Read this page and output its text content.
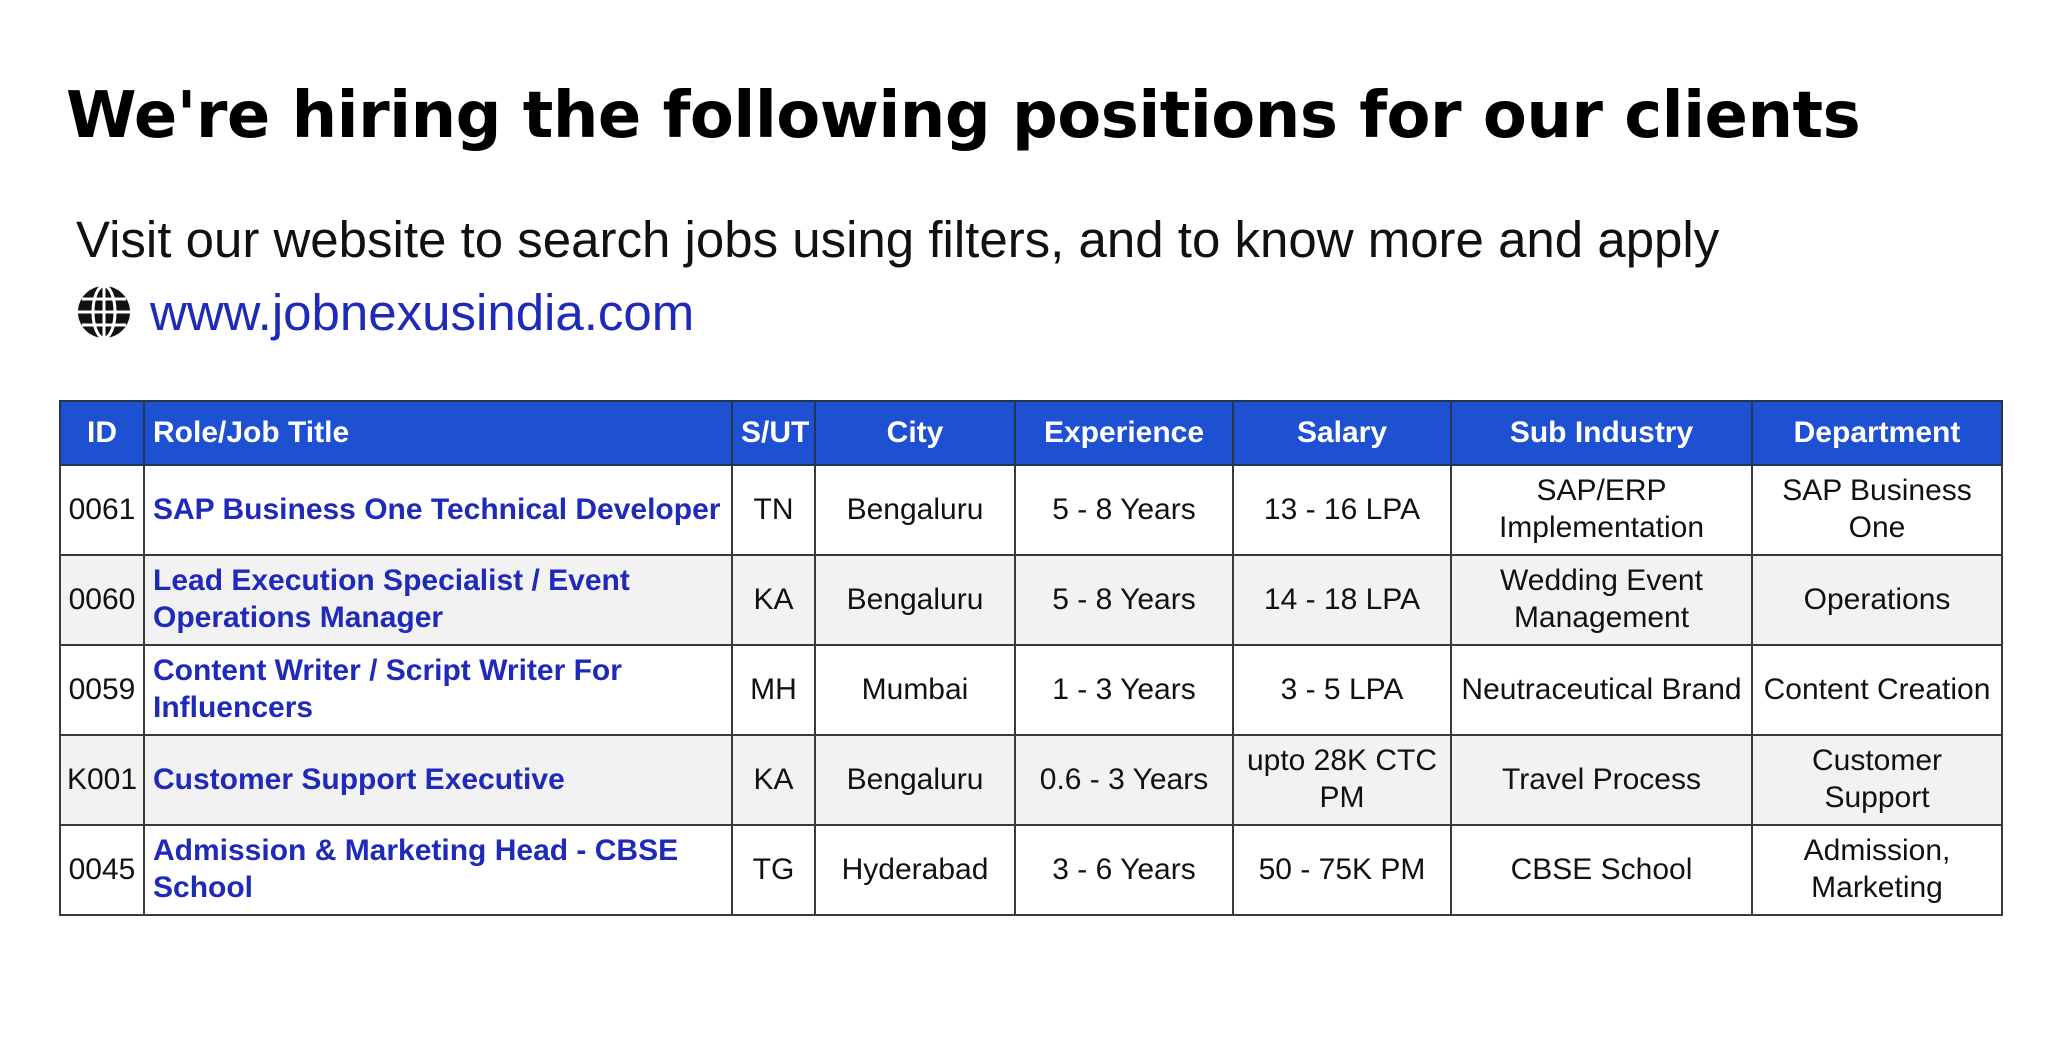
We're hiring the following positions for our clients

Visit our website to search jobs using filters, and to know more and apply

www.jobnexusindia.com
ID	Role/Job Title	S/UT	City	Experience	Salary	Sub Industry	Department
0061	SAP Business One Technical Developer	TN	Bengaluru	5 - 8 Years	13 - 16 LPA	SAP/ERP Implementation	SAP Business One
0060	Lead Execution Specialist / Event Operations Manager	KA	Bengaluru	5 - 8 Years	14 - 18 LPA	Wedding Event Management	Operations
0059	Content Writer / Script Writer For Influencers	MH	Mumbai	1 - 3 Years	3 - 5 LPA	Neutraceutical Brand	Content Creation
K001	Customer Support Executive	KA	Bengaluru	0.6 - 3 Years	upto 28K CTC PM	Travel Process	Customer Support
0045	Admission & Marketing Head - CBSE School	TG	Hyderabad	3 - 6 Years	50 - 75K PM	CBSE School	Admission, Marketing
